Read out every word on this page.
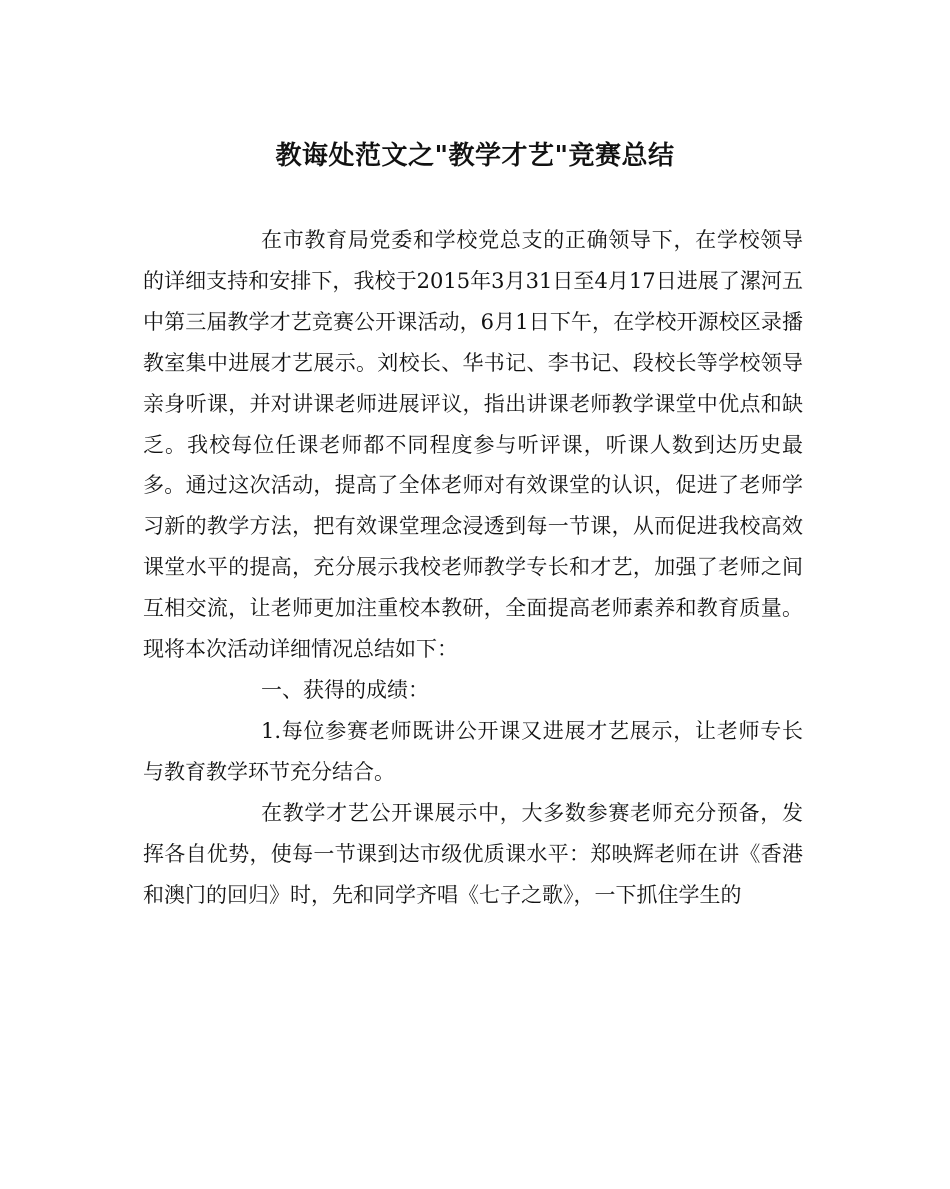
教诲处范文之"教学才艺"竞赛总结

在市教育局党委和学校党总支的正确领导下，在学校领导的详细支持和安排下，我校于2015年3月31日至4月17日进展了漯河五中第三届教学才艺竞赛公开课活动，6月1日下午，在学校开源校区录播教室集中进展才艺展示。刘校长、华书记、李书记、段校长等学校领导亲身听课，并对讲课老师进展评议，指出讲课老师教学课堂中优点和缺乏。我校每位任课老师都不同程度参与听评课，听课人数到达历史最多。通过这次活动，提高了全体老师对有效课堂的认识，促进了老师学习新的教学方法，把有效课堂理念浸透到每一节课，从而促进我校高效课堂水平的提高，充分展示我校老师教学专长和才艺，加强了老师之间互相交流，让老师更加注重校本教研，全面提高老师素养和教育质量。现将本次活动详细情况总结如下：

一、获得的成绩：

1.每位参赛老师既讲公开课又进展才艺展示，让老师专长与教育教学环节充分结合。

在教学才艺公开课展示中，大多数参赛老师充分预备，发挥各自优势，使每一节课到达市级优质课水平：郑映辉老师在讲《香港和澳门的回归》时，先和同学齐唱《七子之歌》，一下抓住学生的
